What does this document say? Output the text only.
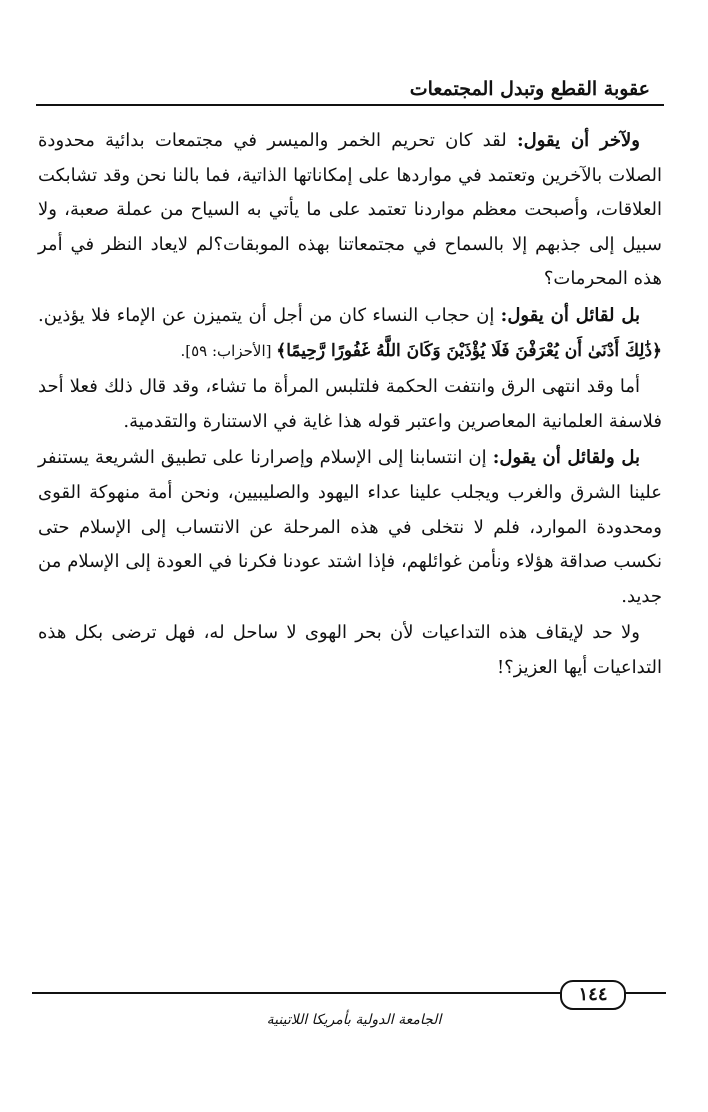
عقوبة القطع وتبدل المجتمعات

ولآخر أن يقول: لقد كان تحريم الخمر والميسر في مجتمعات بدائية محدودة الصلات بالآخرين وتعتمد في مواردها على إمكاناتها الذاتية، فما بالنا نحن وقد تشابكت العلاقات، وأصبحت معظم مواردنا تعتمد على ما يأتي به السياح من عملة صعبة، ولا سبيل إلى جذبهم إلا بالسماح في مجتمعاتنا بهذه الموبقات؟لم لايعاد النظر في أمر هذه المحرمات؟

بل لقائل أن يقول: إن حجاب النساء كان من أجل أن يتميزن عن الإماء فلا يؤذين. ﴿ذَٰلِكَ أَدْنَىٰ أَن يُعْرَفْنَ فَلَا يُؤْذَيْنَ وَكَانَ اللَّهُ غَفُورًا رَّحِيمًا﴾ [الأحزاب: ٥٩].

أما وقد انتهى الرق وانتفت الحكمة فلتلبس المرأة ما تشاء، وقد قال ذلك فعلا أحد فلاسفة العلمانية المعاصرين واعتبر قوله هذا غاية في الاستنارة والتقدمية.

بل ولقائل أن يقول: إن انتسابنا إلى الإسلام وإصرارنا على تطبيق الشريعة يستنفر علينا الشرق والغرب ويجلب علينا عداء اليهود والصليبيين، ونحن أمة منهوكة القوى ومحدودة الموارد، فلم لا نتخلى في هذه المرحلة عن الانتساب إلى الإسلام حتى نكسب صداقة هؤلاء ونأمن غوائلهم، فإذا اشتد عودنا فكرنا في العودة إلى الإسلام من جديد.

ولا حد لإيقاف هذه التداعيات لأن بحر الهوى لا ساحل له، فهل ترضى بكل هذه التداعيات أيها العزيز؟!

١٤٤
الجامعة الدولية بأمريكا اللاتينية
